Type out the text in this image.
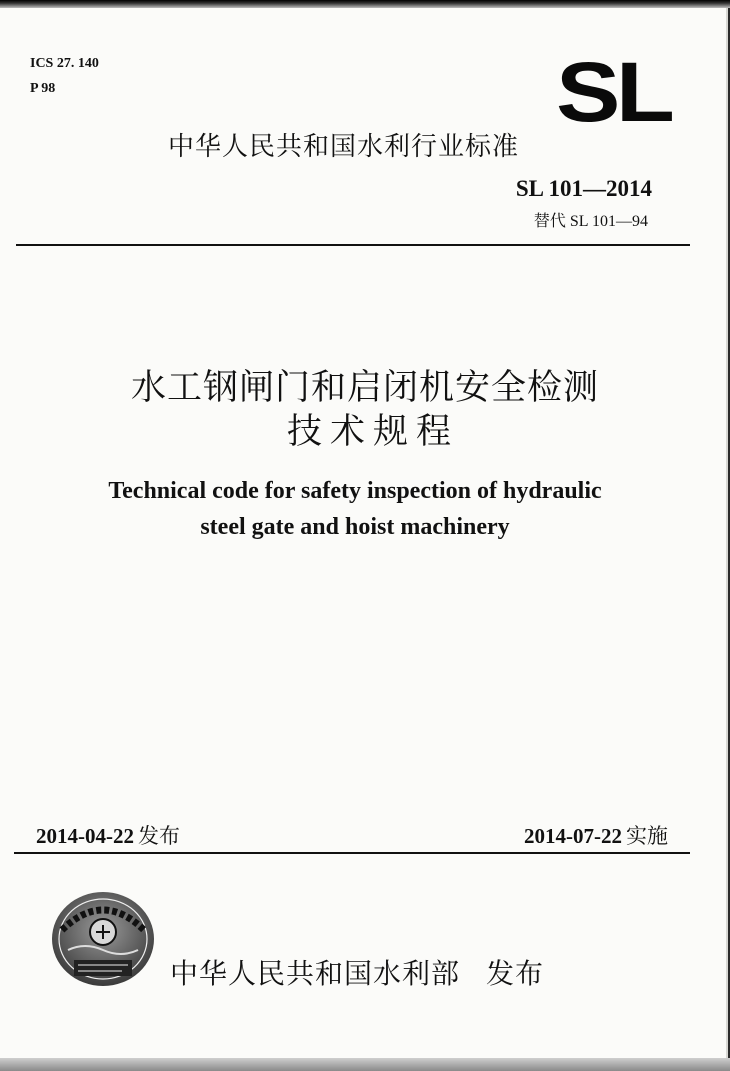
ICS 27. 140
P 98	SL
中华人民共和国水利行业标准
SL 101—2014
替代 SL 101—94
水工钢闸门和启闭机安全检测
技术规程
Technical code for safety inspection of hydraulic
steel gate and hoist machinery
2014-04-22 发布	2014-07-22 实施
中华人民共和国水利部 发布
